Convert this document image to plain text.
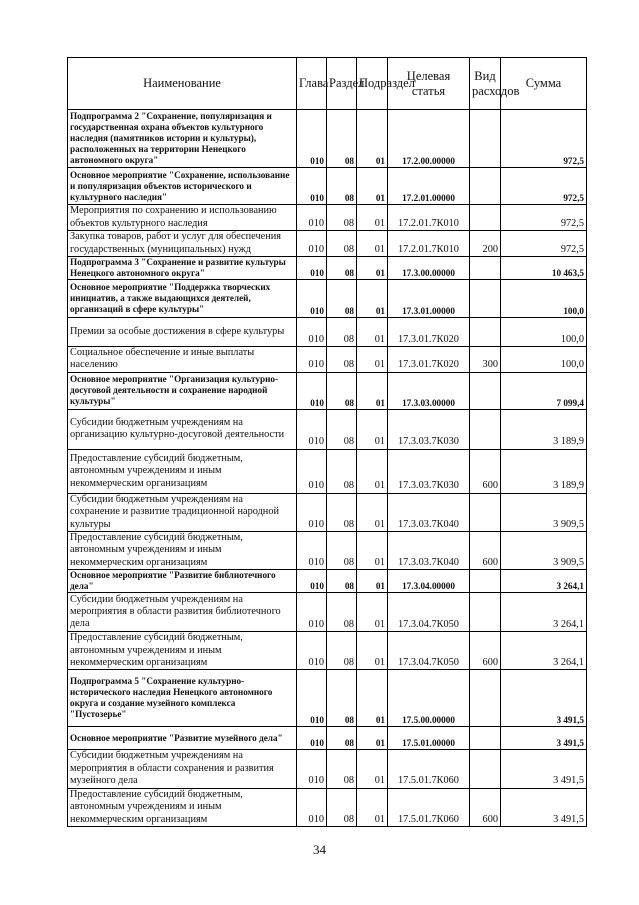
Наименование	Глава	Раздел	Подраздел	Целевая статья	Вид расходов	Сумма
Подпрограмма 2 "Сохранение, популяризация и государственная охрана объектов культурного наследия (памятников истории и культуры), расположенных на территории Ненецкого автономного округа"	010	08	01	17.2.00.00000		972,5
Основное мероприятие "Сохранение, использование и популяризация объектов исторического и культурного наследия"	010	08	01	17.2.01.00000		972,5
Мероприятия по сохранению и использованию объектов культурного наследия	010	08	01	17.2.01.7К010		972,5
Закупка товаров, работ и услуг для обеспечения государственных (муниципальных) нужд	010	08	01	17.2.01.7К010	200	972,5
Подпрограмма 3 "Сохранение и развитие культуры Ненецкого автономного округа"	010	08	01	17.3.00.00000		10 463,5
Основное мероприятие "Поддержка творческих инициатив, а также выдающихся деятелей, организаций в сфере культуры"	010	08	01	17.3.01.00000		100,0
Премии за особые достижения в сфере культуры	010	08	01	17.3.01.7К020		100,0
Социальное обеспечение и иные выплаты населению	010	08	01	17.3.01.7К020	300	100,0
Основное мероприятие "Организация культурно-досуговой деятельности и сохранение народной культуры"	010	08	01	17.3.03.00000		7 099,4
Субсидии бюджетным учреждениям на организацию культурно-досуговой деятельности	010	08	01	17.3.03.7К030		3 189,9
Предоставление субсидий бюджетным, автономным учреждениям и иным некоммерческим организациям	010	08	01	17.3.03.7К030	600	3 189,9
Субсидии бюджетным учреждениям на сохранение и развитие традиционной народной культуры	010	08	01	17.3.03.7К040		3 909,5
Предоставление субсидий бюджетным, автономным учреждениям и иным некоммерческим организациям	010	08	01	17.3.03.7К040	600	3 909,5
Основное мероприятие "Развитие библиотечного дела"	010	08	01	17.3.04.00000		3 264,1
Субсидии бюджетным учреждениям на мероприятия в области развития библиотечного дела	010	08	01	17.3.04.7К050		3 264,1
Предоставление субсидий бюджетным, автономным учреждениям и иным некоммерческим организациям	010	08	01	17.3.04.7К050	600	3 264,1
Подпрограмма 5 "Сохранение культурно-исторического наследия Ненецкого автономного округа и создание музейного комплекса "Пустозерье"	010	08	01	17.5.00.00000		3 491,5
Основное мероприятие "Развитие музейного дела"	010	08	01	17.5.01.00000		3 491,5
Субсидии бюджетным учреждениям на мероприятия в области сохранения и развития музейного дела	010	08	01	17.5.01.7К060		3 491,5
Предоставление субсидий бюджетным, автономным учреждениям и иным некоммерческим организациям	010	08	01	17.5.01.7К060	600	3 491,5
34
